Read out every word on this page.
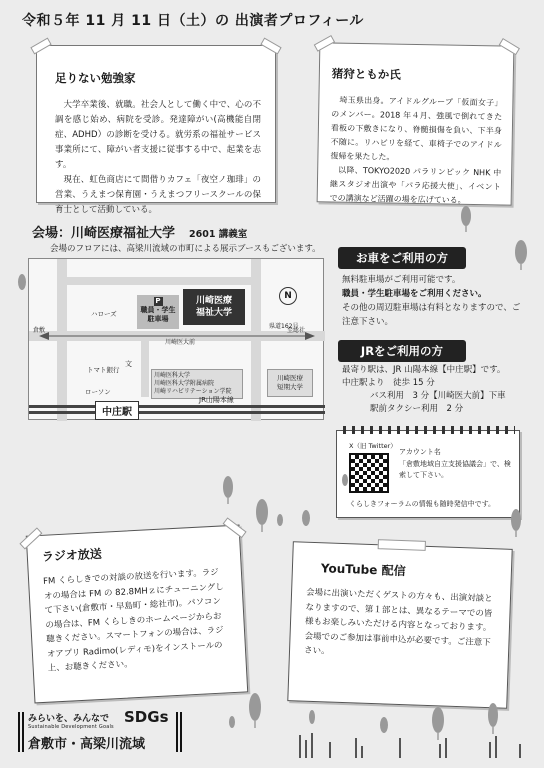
令和５年 11 月 11 日（土）の 出演者プロフィール
足りない勉強家

大学卒業後、就職。社会人として働く中で、心の不調を感じ始め、病院を受診。発達障がい(高機能自閉症、ADHD）の診断を受ける。就労系の福祉サービス事業所にて、障がい者支援に従事する中で、起業を志す。

現在、虹色商店にて間借りカフェ「夜空ノ珈琲」の営業、うえまつ保育園・うえまつフリースクールの保育士として活動している。

猪狩ともか氏

埼玉県出身。アイドルグループ「仮面女子」のメンバー。2018 年４月、強風で倒れてきた看板の下敷きになり、脊髄損傷を負い、下半身不随に。リハビリを経て、車椅子でのアイドル復帰を果たした。

以降、TOKYO2020 パラリンピック NHK 中継スタジオ出演や「パラ応援大使」、イベントでの講演など活躍の場を広げている。

会場：川崎医療福祉大学 2601 講義室
会場のフロアには、高梁川流域の市町による展示ブースもございます。
P
職員・学生
駐車場
川崎医療
福祉大学
N
ハローズ
トマト銀行
文
川崎医大前
川崎医科大学
川崎医科大学附属病院
川崎リハビリテーション学院
川崎医療
短期大学
ローソン
県道162号
倉敷	至総社
JR山陽本線
中庄駅
お車をご利用の方
無料駐車場がご利用可能です。
職員・学生駐車場をご利用ください。
その他の周辺駐車場は有料となりますので、ご注意下さい。
JRをご利用の方
最寄り駅は、JR 山陽本線【中庄駅】です。
中庄駅より　徒歩 15 分
バス利用　3 分【川崎医大前】下車
駅前タクシー利用　2 分
X（旧 Twitter）
アカウント名
「倉敷地域自立支援協議会」で、検索して下さい。
くらしきフォーラムの情報も随時発信中です。
ラジオ放送
FM くらしきでの対談の放送を行います。ラジオの場合は FM の 82.8MHｚにチューニングして下さい(倉敷市・早島町・総社市)。パソコンの場合は、FM くらしきのホームページからお聴きください。スマートフォンの場合は、ラジオアプリ Radimo(レディモ)をインストールの上、お聴きください。
YouTube 配信
会場に出演いただくゲストの方々も、出演対談となりますので、第１部とは、異なるテーマでの皆様もお楽しみいただける内容となっております。会場でのご参加は事前申込が必要です。ご注意下さい。
みらいを、みんなで SDGs
Sustainable Development Goals
倉敷市・高梁川流域
